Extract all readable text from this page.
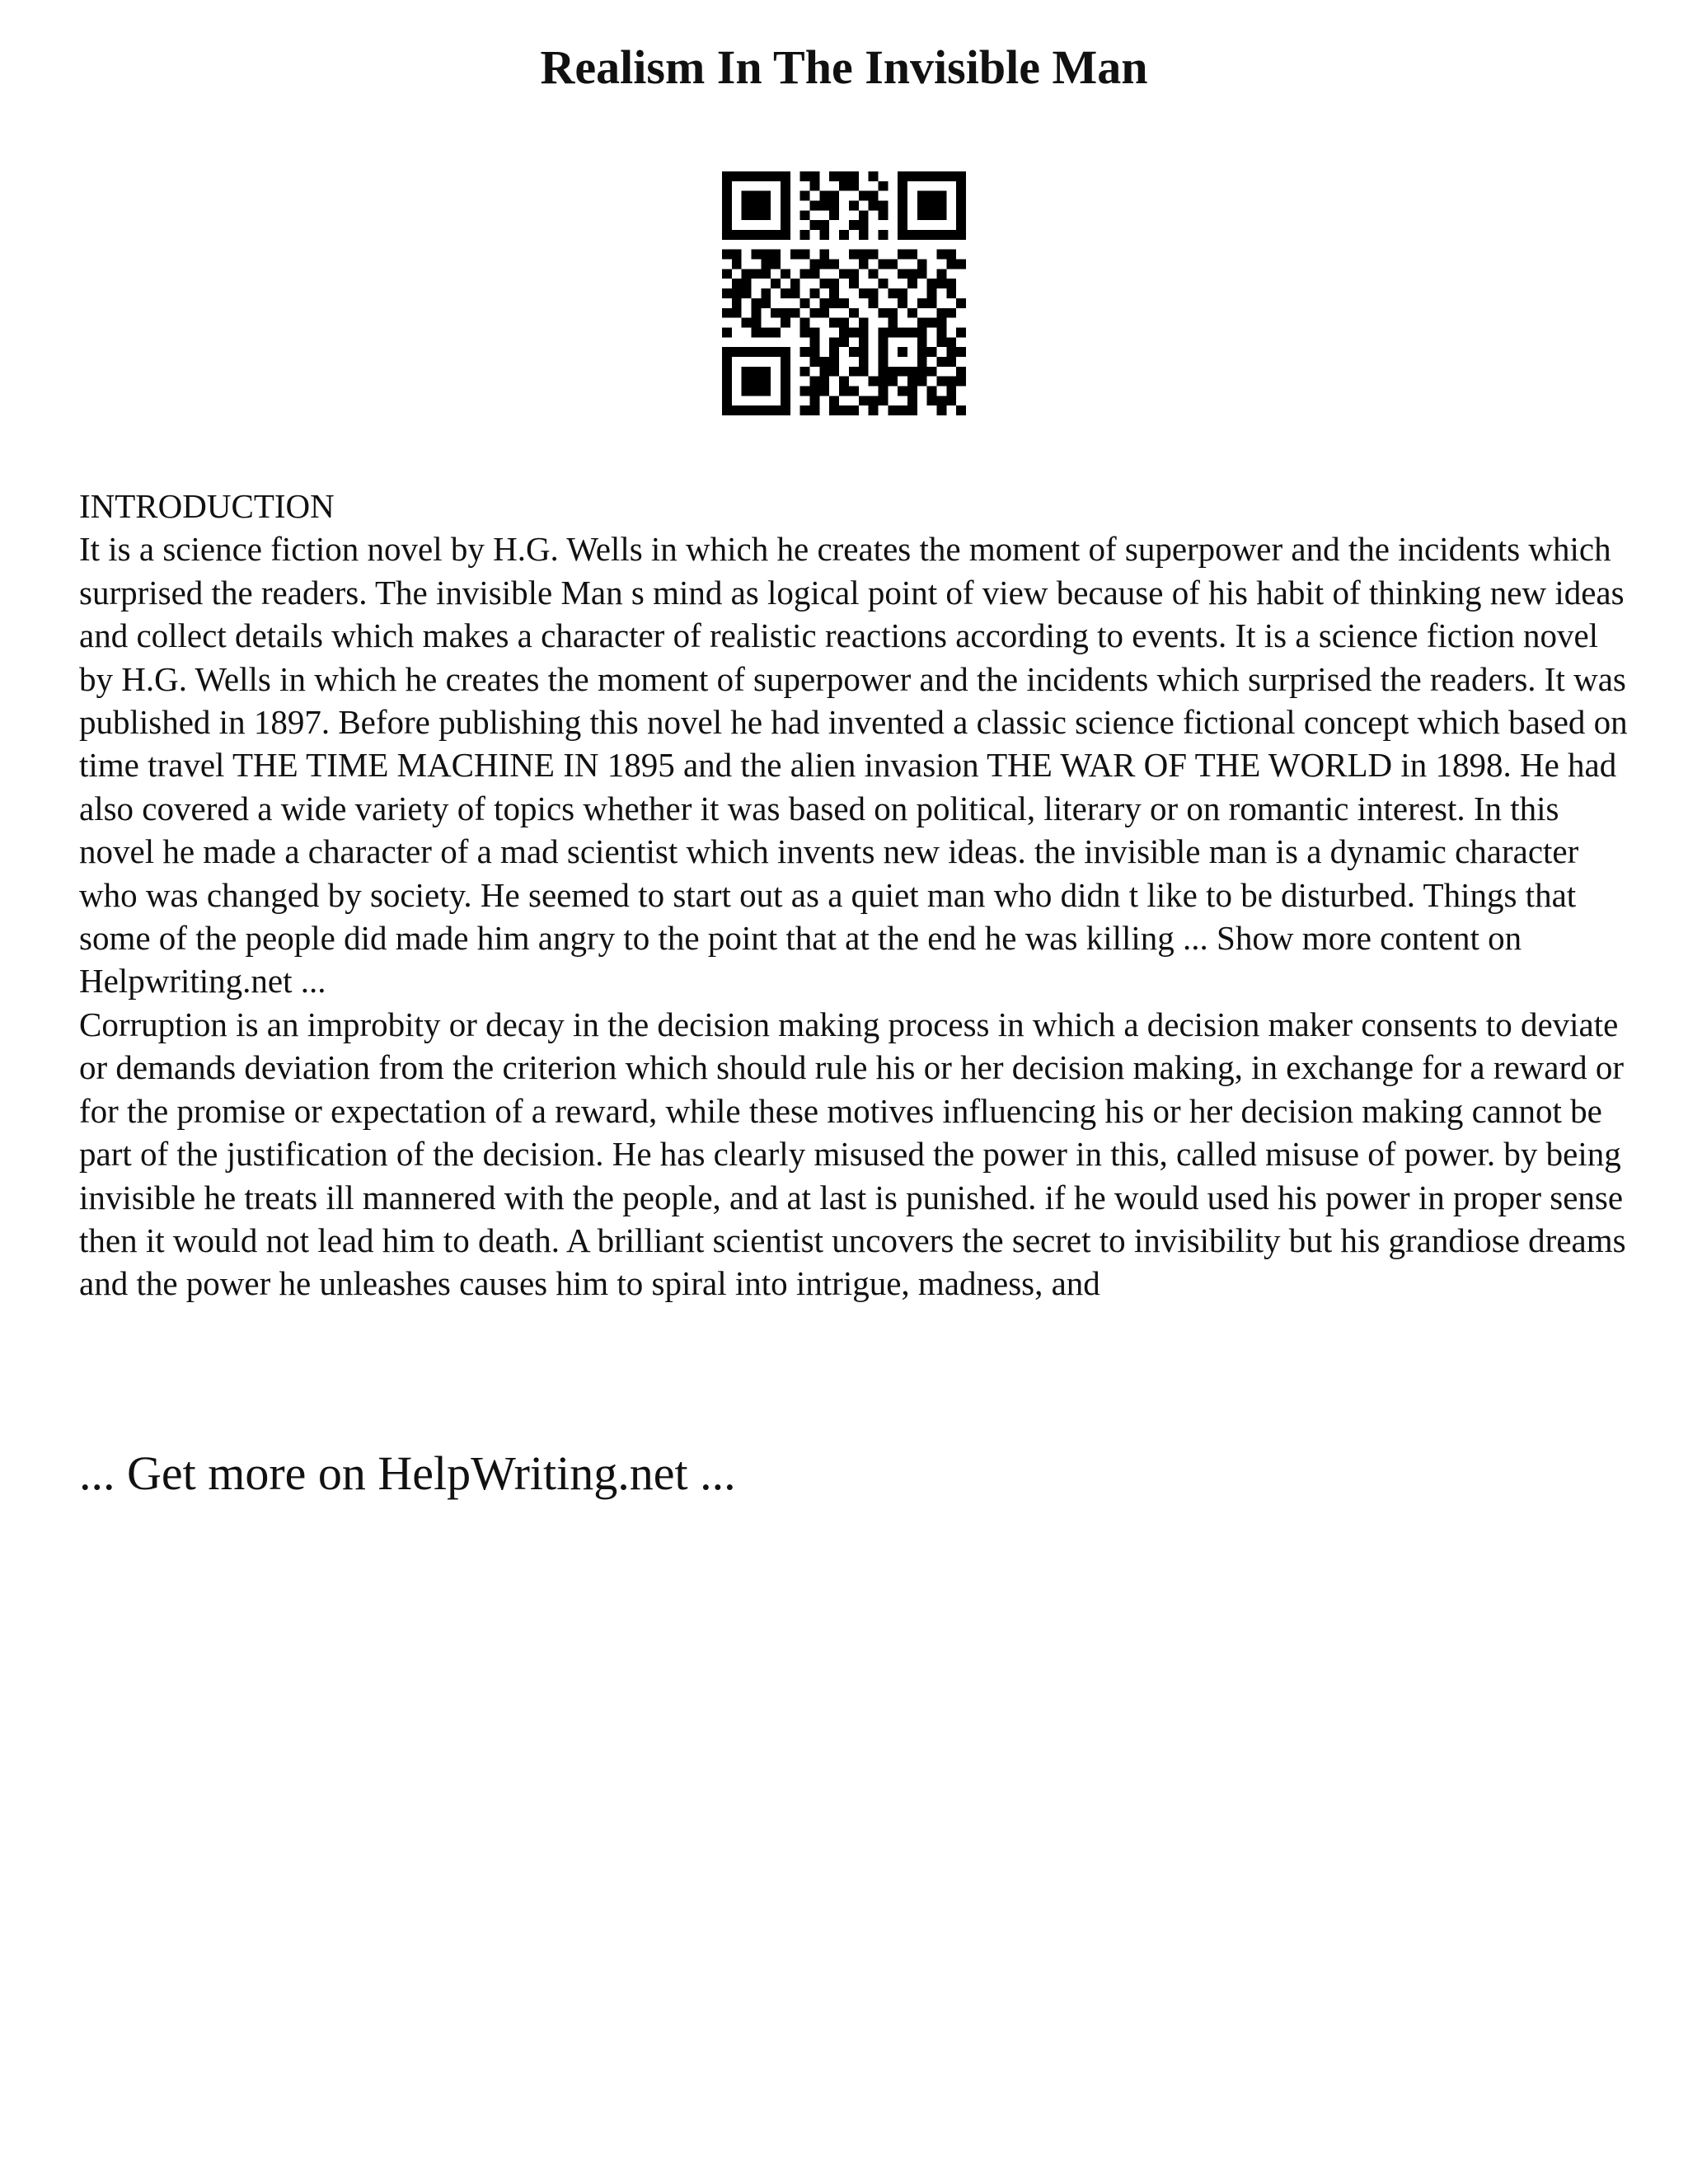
Realism In The Invisible Man

INTRODUCTION

It is a science fiction novel by H.G. Wells in which he creates the moment of superpower and the incidents which surprised the readers. The invisible Man s mind as logical point of view because of his habit of thinking new ideas and collect details which makes a character of realistic reactions according to events. It is a science fiction novel by H.G. Wells in which he creates the moment of superpower and the incidents which surprised the readers. It was published in 1897. Before publishing this novel he had invented a classic science fictional concept which based on time travel THE TIME MACHINE IN 1895 and the alien invasion THE WAR OF THE WORLD in 1898. He had also covered a wide variety of topics whether it was based on political, literary or on romantic interest. In this novel he made a character of a mad scientist which invents new ideas. the invisible man is a dynamic character who was changed by society. He seemed to start out as a quiet man who didn t like to be disturbed. Things that some of the people did made him angry to the point that at the end he was killing ... Show more content on Helpwriting.net ...

Corruption is an improbity or decay in the decision making process in which a decision maker consents to deviate or demands deviation from the criterion which should rule his or her decision making, in exchange for a reward or for the promise or expectation of a reward, while these motives influencing his or her decision making cannot be part of the justification of the decision. He has clearly misused the power in this, called misuse of power. by being invisible he treats ill mannered with the people, and at last is punished. if he would used his power in proper sense then it would not lead him to death. A brilliant scientist uncovers the secret to invisibility but his grandiose dreams and the power he unleashes causes him to spiral into intrigue, madness, and

... Get more on HelpWriting.net ...
